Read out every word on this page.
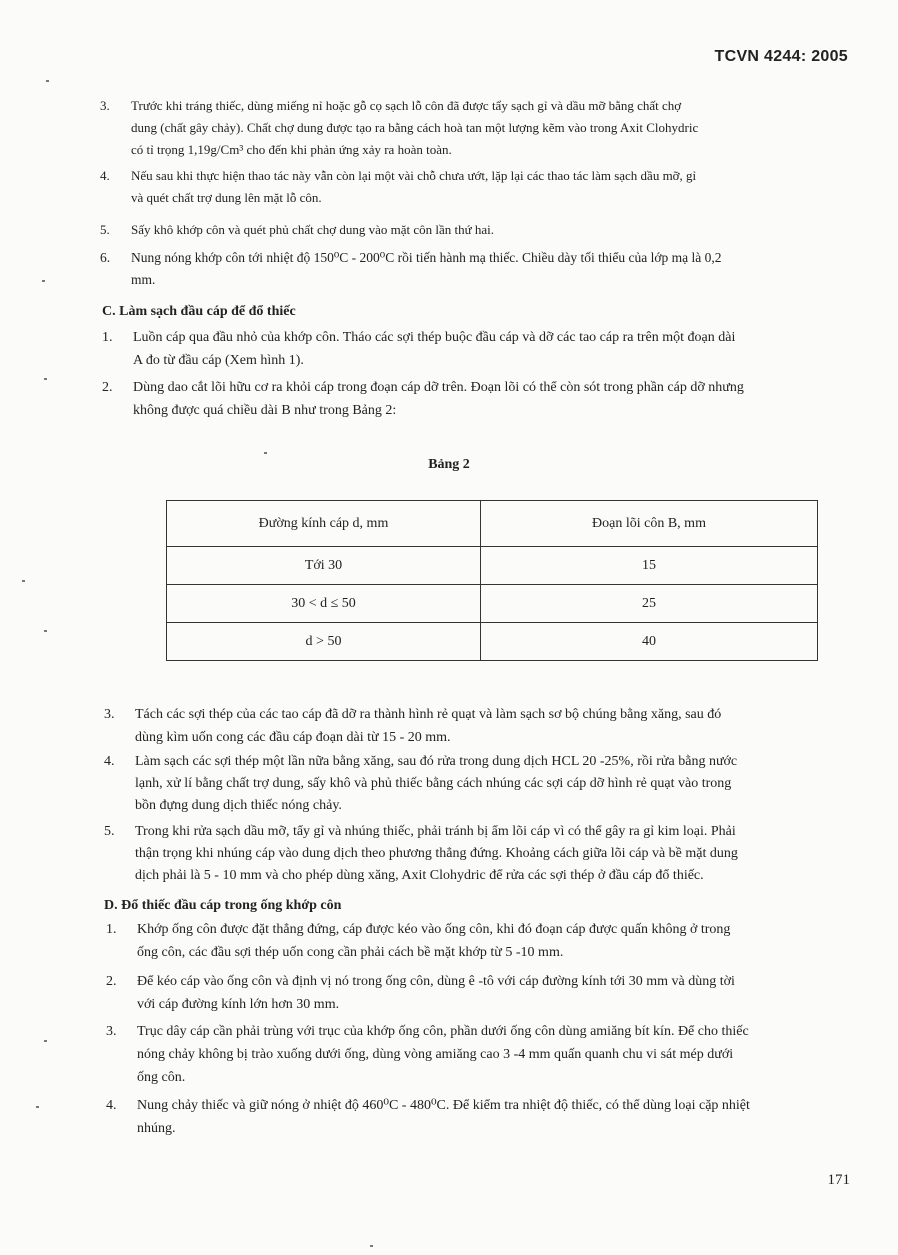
TCVN 4244: 2005
3.	Trước khi tráng thiếc, dùng miếng nỉ hoặc gỗ cọ sạch lỗ côn đã được tẩy sạch gỉ và dầu mỡ bằng chất chợ
dung (chất gây chảy). Chất chợ dung được tạo ra bằng cách hoà tan một lượng kẽm vào trong Axit Clohydric
có tỉ trọng 1,19g/Cm³ cho đến khi phản ứng xảy ra hoàn toàn.
4.	Nếu sau khi thực hiện thao tác này vẫn còn lại một vài chỗ chưa ướt, lặp lại các thao tác làm sạch dầu mỡ, gỉ
và quét chất trợ dung lên mặt lỗ côn.
5.	Sấy khô khớp côn và quét phủ chất chợ dung vào mặt côn lần thứ hai.
6.	Nung nóng khớp côn tới nhiệt độ 150⁰C - 200⁰C rồi tiến hành mạ thiếc. Chiều dày tối thiểu của lớp mạ là 0,2
mm.
C. Làm sạch đầu cáp để đổ thiếc
1.	Luồn cáp qua đầu nhỏ của khớp côn. Tháo các sợi thép buộc đầu cáp và dỡ các tao cáp ra trên một đoạn dài
A đo từ đầu cáp (Xem hình 1).
2.	Dùng dao cắt lõi hữu cơ ra khỏi cáp trong đoạn cáp dỡ trên. Đoạn lõi có thể còn sót trong phần cáp dỡ nhưng
không được quá chiều dài B như trong Bảng 2:
Bảng 2
Đường kính cáp d, mm	Đoạn lõi côn B, mm
Tới 30	15
30 < d ≤ 50	25
d > 50	40
3.	Tách các sợi thép của các tao cáp đã dỡ ra thành hình rẻ quạt và làm sạch sơ bộ chúng bằng xăng, sau đó
dùng kìm uốn cong các đầu cáp đoạn dài từ 15 - 20 mm.
4.	Làm sạch các sợi thép một lần nữa bằng xăng, sau đó rửa trong dung dịch HCL 20 -25%, rồi rửa bằng nước
lạnh, xử lí bằng chất trợ dung, sấy khô và phủ thiếc bằng cách nhúng các sợi cáp dỡ hình rẻ quạt vào trong
bồn đựng dung dịch thiếc nóng chảy.
5.	Trong khi rửa sạch dầu mỡ, tẩy gỉ và nhúng thiếc, phải tránh bị ẩm lõi cáp vì có thể gây ra gỉ kim loại. Phải
thận trọng khi nhúng cáp vào dung dịch theo phương thẳng đứng. Khoảng cách giữa lõi cáp và bề mặt dung
dịch phải là 5 - 10 mm và cho phép dùng xăng, Axit Clohydric để rửa các sợi thép ở đầu cáp đổ thiếc.
D. Đổ thiếc đầu cáp trong ống khớp côn
1.	Khớp ống côn được đặt thẳng đứng, cáp được kéo vào ống côn, khi đó đoạn cáp được quấn không ở trong
ống côn, các đầu sợi thép uốn cong cần phải cách bề mặt khớp từ 5 -10 mm.
2.	Để kéo cáp vào ống côn và định vị nó trong ống côn, dùng ê -tô với cáp đường kính tới 30 mm và dùng tời
với cáp đường kính lớn hơn 30 mm.
3.	Trục dây cáp cần phải trùng với trục của khớp ống côn, phần dưới ống côn dùng amiăng bít kín. Để cho thiếc
nóng chảy không bị trào xuống dưới ống, dùng vòng amiăng cao 3 -4 mm quấn quanh chu vi sát mép dưới
ống côn.
4.	Nung chảy thiếc và giữ nóng ở nhiệt độ 460⁰C - 480⁰C. Để kiểm tra nhiệt độ thiếc, có thể dùng loại cặp nhiệt
nhúng.
171
